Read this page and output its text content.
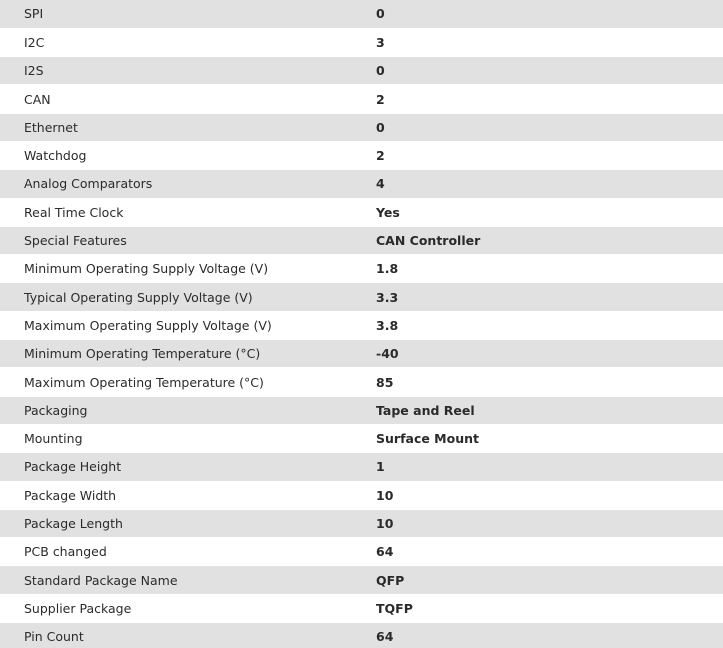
SPI	0
I2C	3
I2S	0
CAN	2
Ethernet	0
Watchdog	2
Analog Comparators	4
Real Time Clock	Yes
Special Features	CAN Controller
Minimum Operating Supply Voltage (V)	1.8
Typical Operating Supply Voltage (V)	3.3
Maximum Operating Supply Voltage (V)	3.8
Minimum Operating Temperature (°C)	-40
Maximum Operating Temperature (°C)	85
Packaging	Tape and Reel
Mounting	Surface Mount
Package Height	1
Package Width	10
Package Length	10
PCB changed	64
Standard Package Name	QFP
Supplier Package	TQFP
Pin Count	64
